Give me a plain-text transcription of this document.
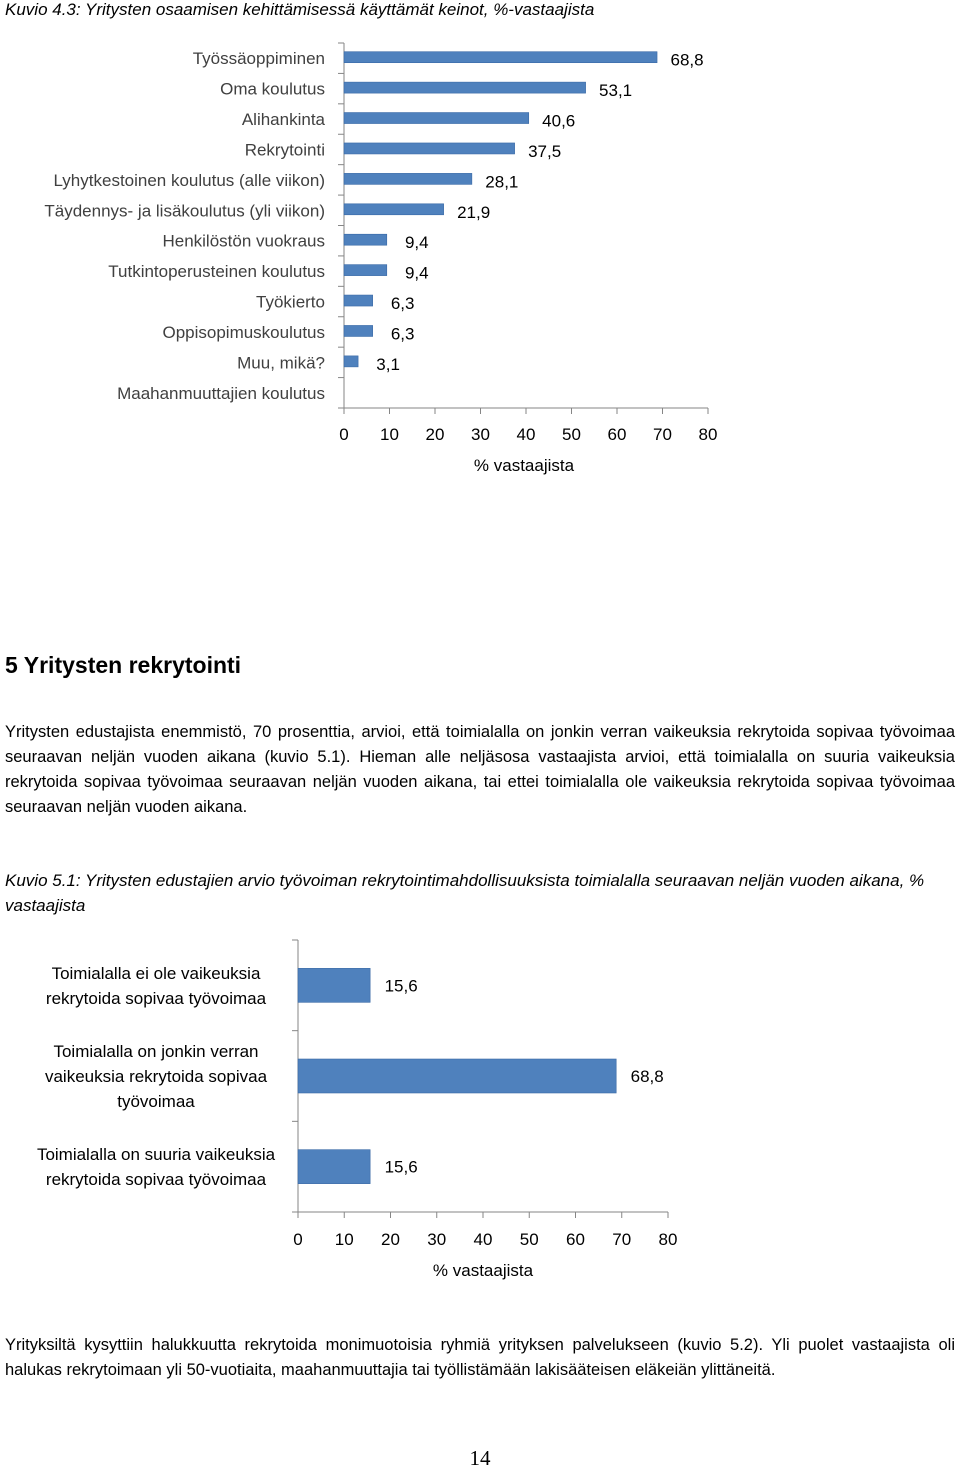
Kuvio 4.3: Yritysten osaamisen kehittämisessä käyttämät keinot, %-vastaajista
0 10 20 30 40 50 60 70 80
% vastaajista
Työssäoppiminen	68,8
Oma koulutus	53,1
Alihankinta	40,6
Rekrytointi	37,5
Lyhytkestoinen koulutus (alle viikon)	28,1
Täydennys- ja lisäkoulutus (yli viikon)	21,9
Henkilöstön vuokraus	9,4
Tutkintoperusteinen koulutus	9,4
Työkierto	6,3
Oppisopimuskoulutus	6,3
Muu, mikä?	3,1
Maahanmuuttajien koulutus
5 Yritysten rekrytointi
Yritysten edustajista enemmistö, 70 prosenttia, arvioi, että toimialalla on jonkin verran vaikeuksia rekrytoida sopivaa työvoimaa seuraavan neljän vuoden aikana (kuvio 5.1). Hieman alle neljäsosa vastaajista arvioi, että toimialalla on suuria vaikeuksia rekrytoida sopivaa työvoimaa seuraavan neljän vuoden aikana, tai ettei toimialalla ole vaikeuksia rekrytoida sopivaa työvoimaa seuraavan neljän vuoden aikana.
Kuvio 5.1: Yritysten edustajien arvio työvoiman rekrytointimahdollisuuksista toimialalla seuraavan neljän vuoden aikana, % vastaajista
0 10 20 30 40 50 60 70 80
% vastaajista
Toimialalla ei ole vaikeuksia rekrytoida sopivaa työvoimaa
15,6
Toimialalla on jonkin verran vaikeuksia rekrytoida sopivaa työvoimaa
68,8
Toimialalla on suuria vaikeuksia rekrytoida sopivaa työvoimaa
15,6
Yrityksiltä kysyttiin halukkuutta rekrytoida monimuotoisia ryhmiä yrityksen palvelukseen (kuvio 5.2). Yli puolet vastaajista oli halukas rekrytoimaan yli 50-vuotiaita, maahanmuuttajia tai työllistämään lakisääteisen eläkeiän ylittäneitä.
14
